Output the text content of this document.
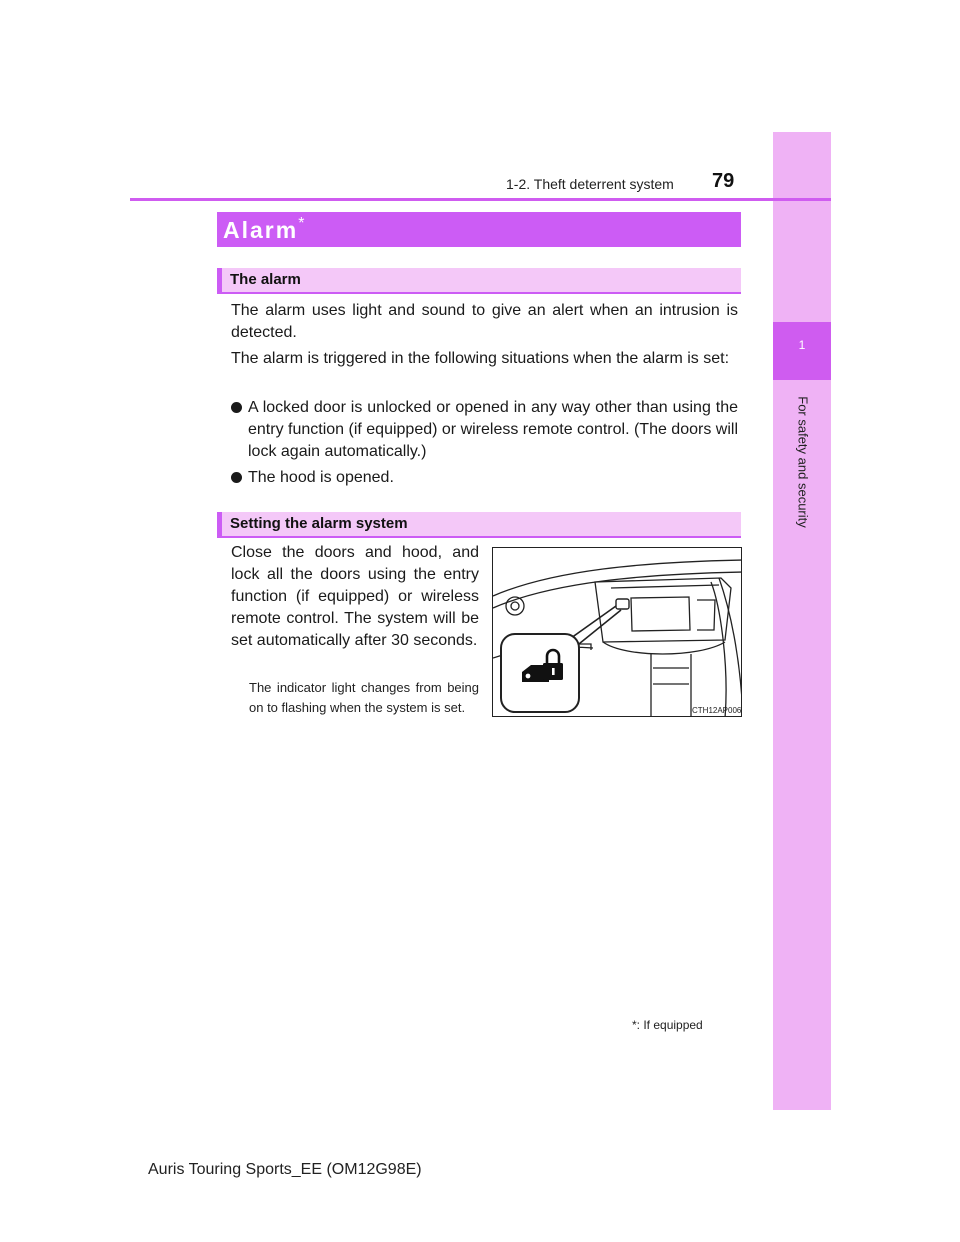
1
For safety and security
1-2. Theft deterrent system 79
Alarm*
The alarm
The alarm uses light and sound to give an alert when an intrusion is detected.
The alarm is triggered in the following situations when the alarm is set:
A locked door is unlocked or opened in any way other than using the entry function (if equipped) or wireless remote control. (The doors will lock again automatically.)
The hood is opened.
Setting the alarm system
Close the doors and hood, and lock all the doors using the entry function (if equipped) or wireless remote control. The system will be set automatically after 30 seconds.
The indicator light changes from being on to flashing when the system is set.	CTH12AP006
*: If equipped
Auris Touring Sports_EE (OM12G98E)
